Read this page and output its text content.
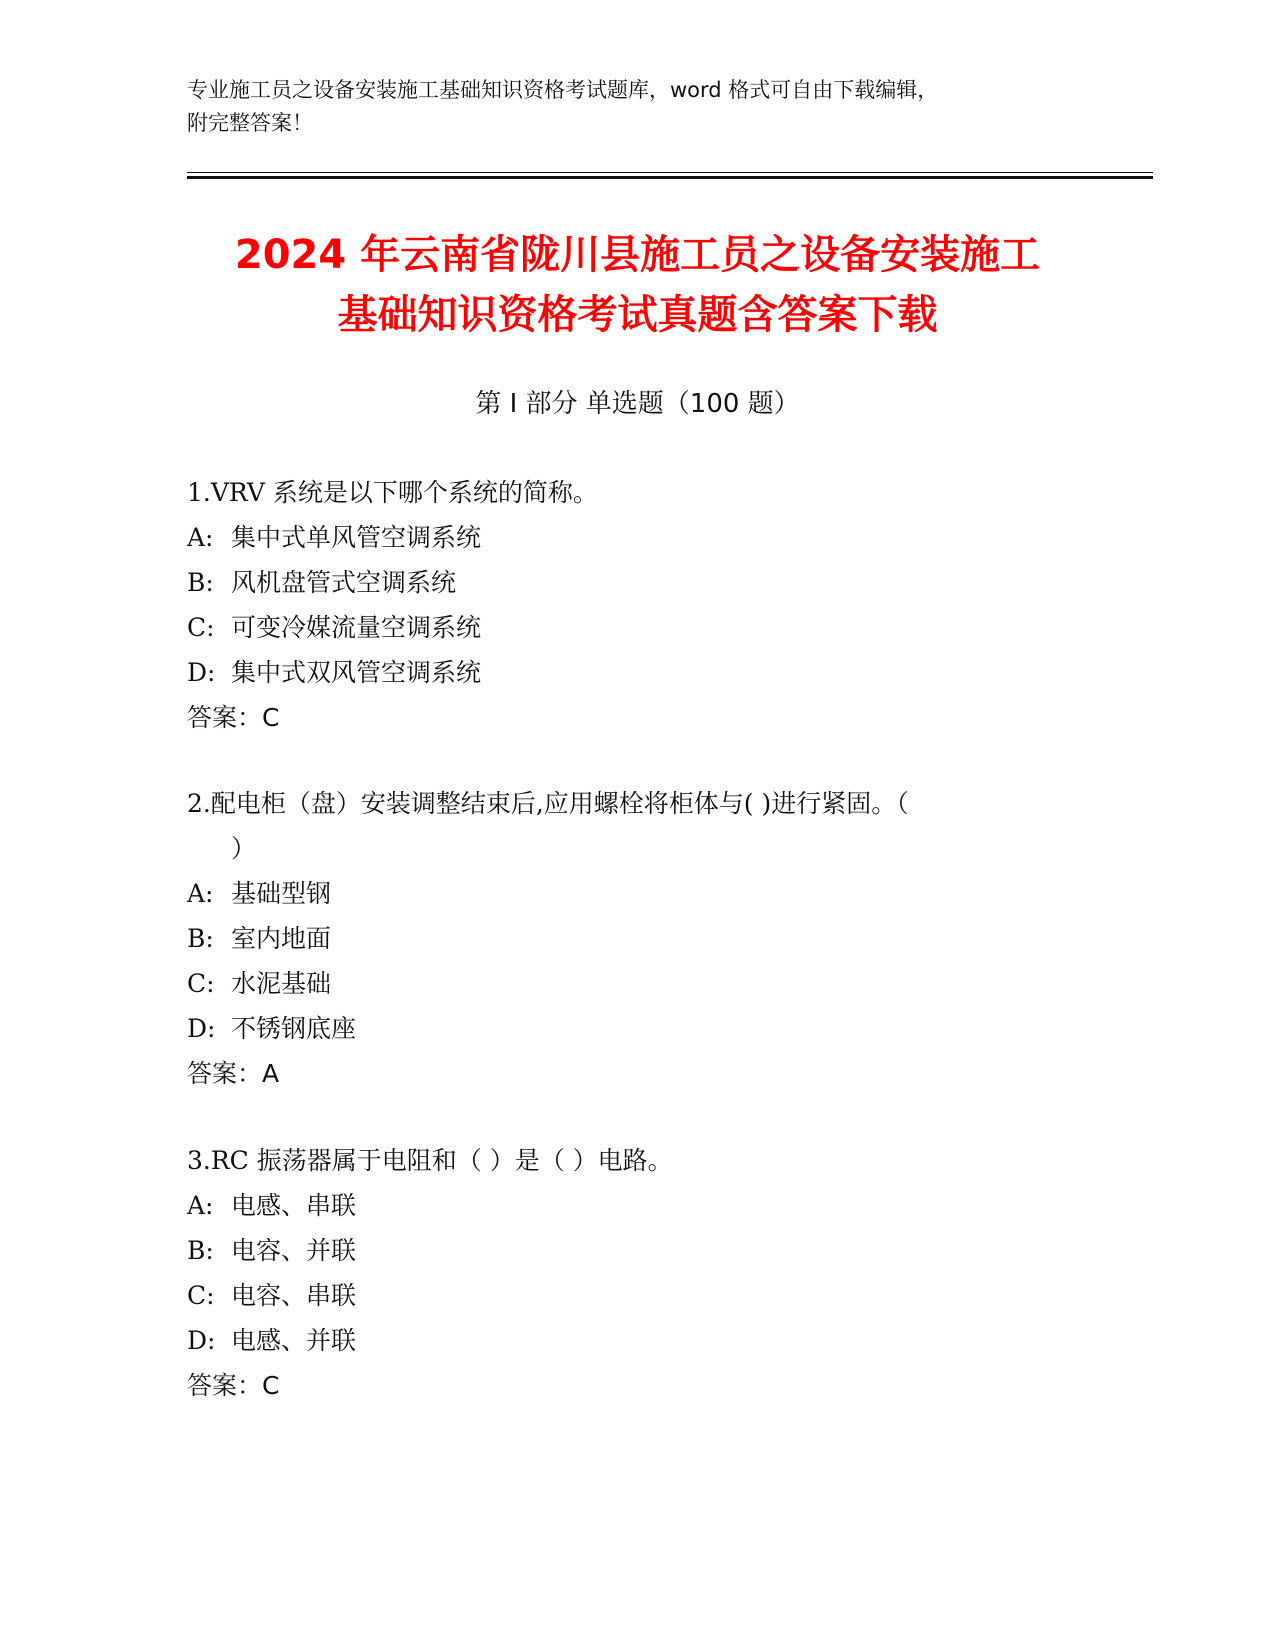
专业施工员之设备安装施工基础知识资格考试题库，word 格式可自由下载编辑，
附完整答案！
2024 年云南省陇川县施工员之设备安装施工
基础知识资格考试真题含答案下载
第 I 部分 单选题（100 题）
1.VRV 系统是以下哪个系统的简称。
A: 集中式单风管空调系统
B: 风机盘管式空调系统
C: 可变冷媒流量空调系统
D: 集中式双风管空调系统
答案：C
2.配电柜（盘）安装调整结束后,应用螺栓将柜体与( )进行紧固。（
）
A: 基础型钢
B: 室内地面
C: 水泥基础
D: 不锈钢底座
答案：A
3.RC 振荡器属于电阻和（ ）是（ ）电路。
A: 电感、串联
B: 电容、并联
C: 电容、串联
D: 电感、并联
答案：C
